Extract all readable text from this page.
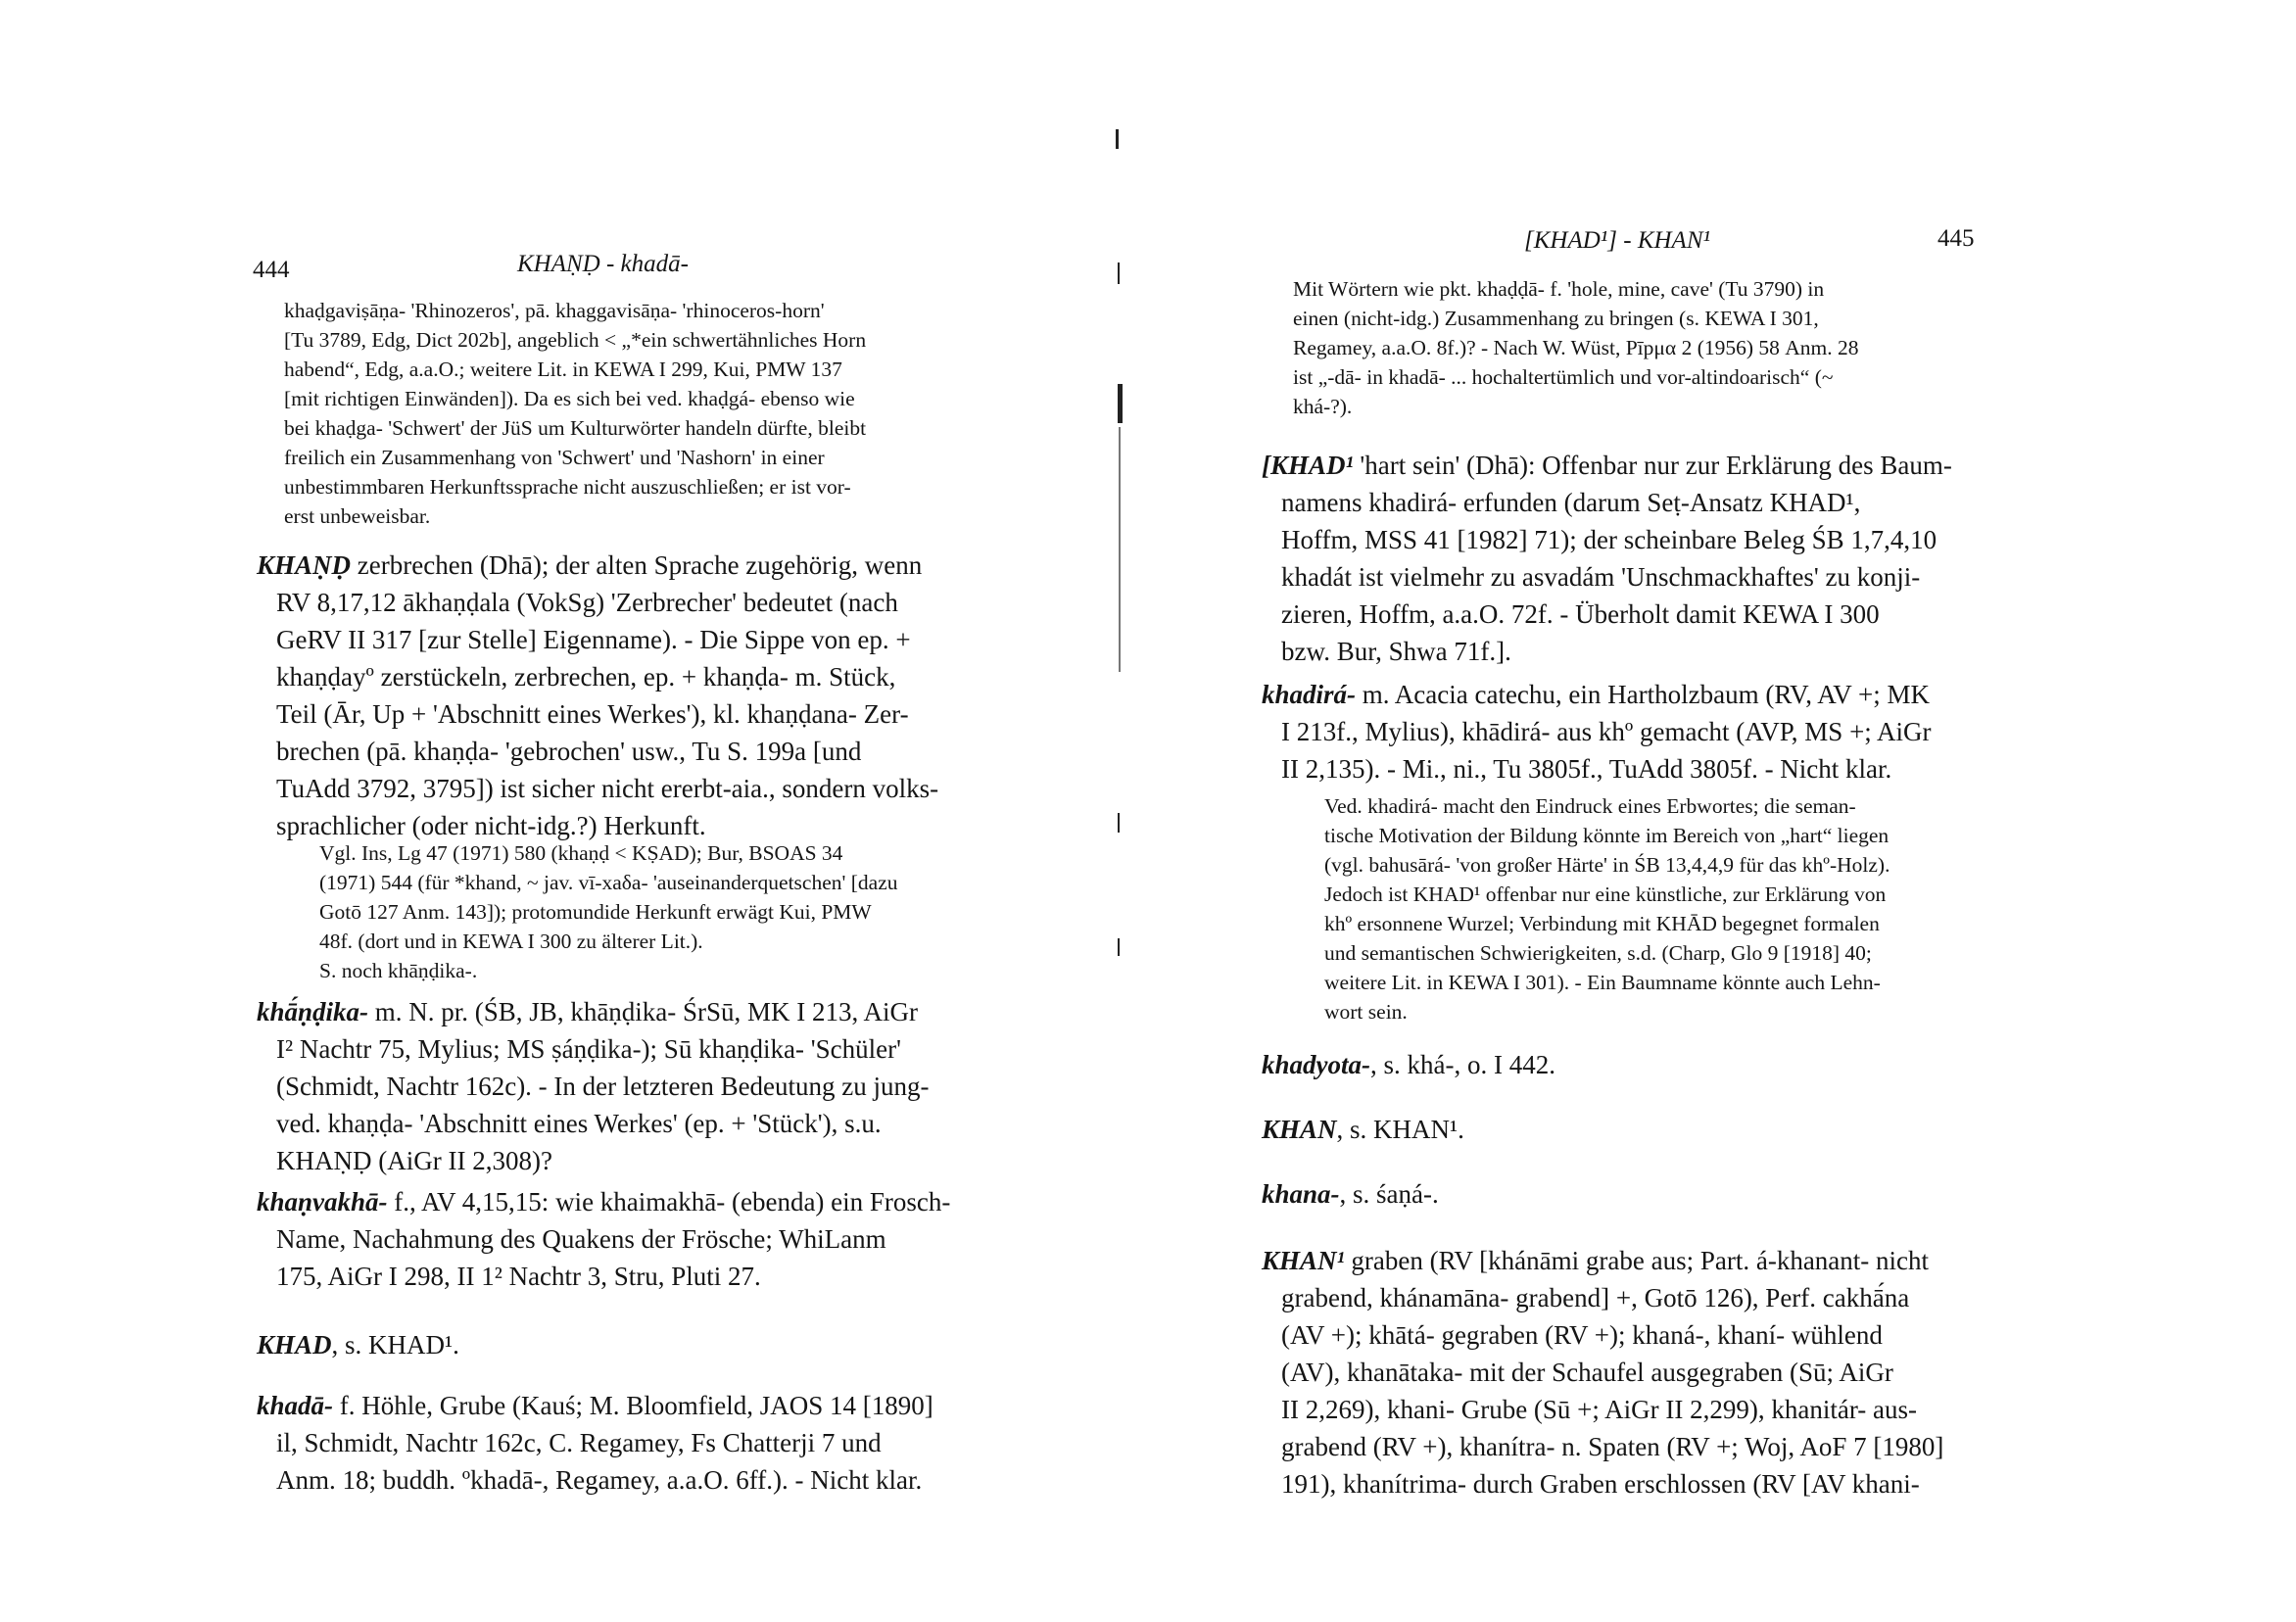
444	KHAṆḌ - khadā-
khaḍgaviṣāṇa- 'Rhinozeros', pā. khaggavisāṇa- 'rhinoceros-horn'
[Tu 3789, Edg, Dict 202b], angeblich < „*ein schwertähnliches Horn
habend“, Edg, a.a.O.; weitere Lit. in KEWA I 299, Kui, PMW 137
[mit richtigen Einwänden]). Da es sich bei ved. khaḍgá- ebenso wie
bei khaḍga- 'Schwert' der JüS um Kulturwörter handeln dürfte, bleibt
freilich ein Zusammenhang von 'Schwert' und 'Nashorn' in einer
unbestimmbaren Herkunftssprache nicht auszuschließen; er ist vor-
erst unbeweisbar.
KHAṆḌ zerbrechen (Dhā); der alten Sprache zugehörig, wenn
RV 8,17,12 ākhaṇḍala (VokSg) 'Zerbrecher' bedeutet (nach
GeRV II 317 [zur Stelle] Eigenname). - Die Sippe von ep. +
khaṇḍayº zerstückeln, zerbrechen, ep. + khaṇḍa- m. Stück,
Teil (Ār, Up + 'Abschnitt eines Werkes'), kl. khaṇḍana- Zer-
brechen (pā. khaṇḍa- 'gebrochen' usw., Tu S. 199a [und
TuAdd 3792, 3795]) ist sicher nicht ererbt-aia., sondern volks-
sprachlicher (oder nicht-idg.?) Herkunft.
Vgl. Ins, Lg 47 (1971) 580 (khaṇḍ < KṢAD); Bur, BSOAS 34
(1971) 544 (für *khand, ~ jav. vī-xaδa- 'auseinanderquetschen' [dazu
Gotō 127 Anm. 143]); protomundide Herkunft erwägt Kui, PMW
48f. (dort und in KEWA I 300 zu älterer Lit.).
S. noch khāṇḍika-.
khā́ṇḍika- m. N. pr. (ŚB, JB, khāṇḍika- ŚrSū, MK I 213, AiGr
I² Nachtr 75, Mylius; MS ṣáṇḍika-); Sū khaṇḍika- 'Schüler'
(Schmidt, Nachtr 162c). - In der letzteren Bedeutung zu jung-
ved. khaṇḍa- 'Abschnitt eines Werkes' (ep. + 'Stück'), s.u.
KHAṆḌ (AiGr II 2,308)?
khaṇvakhā- f., AV 4,15,15: wie khaimakhā- (ebenda) ein Frosch-
Name, Nachahmung des Quakens der Frösche; WhiLanm
175, AiGr I 298, II 1² Nachtr 3, Stru, Pluti 27.
KHAD, s. KHAD¹.
khadā- f. Höhle, Grube (Kauś; M. Bloomfield, JAOS 14 [1890]
il, Schmidt, Nachtr 162c, C. Regamey, Fs Chatterji 7 und
Anm. 18; buddh. ºkhadā-, Regamey, a.a.O. 6ff.). - Nicht klar.
[KHAD¹] - KHAN¹	445
Mit Wörtern wie pkt. khaḍḍā- f. 'hole, mine, cave' (Tu 3790) in
einen (nicht-idg.) Zusammenhang zu bringen (s. KEWA I 301,
Regamey, a.a.O. 8f.)? - Nach W. Wüst, Pīpμα 2 (1956) 58 Anm. 28
ist „-dā- in khadā- ... hochaltertümlich und vor-altindoarisch“ (~
khá-?).
[KHAD¹ 'hart sein' (Dhā): Offenbar nur zur Erklärung des Baum-
namens khadirá- erfunden (darum Seṭ-Ansatz KHAD¹,
Hoffm, MSS 41 [1982] 71); der scheinbare Beleg ŚB 1,7,4,10
khadát ist vielmehr zu asvadám 'Unschmackhaftes' zu konji-
zieren, Hoffm, a.a.O. 72f. - Überholt damit KEWA I 300
bzw. Bur, Shwa 71f.].
khadirá- m. Acacia catechu, ein Hartholzbaum (RV, AV +; MK
I 213f., Mylius), khādirá- aus khº gemacht (AVP, MS +; AiGr
II 2,135). - Mi., ni., Tu 3805f., TuAdd 3805f. - Nicht klar.
Ved. khadirá- macht den Eindruck eines Erbwortes; die seman-
tische Motivation der Bildung könnte im Bereich von „hart“ liegen
(vgl. bahusārá- 'von großer Härte' in ŚB 13,4,4,9 für das khº-Holz).
Jedoch ist KHAD¹ offenbar nur eine künstliche, zur Erklärung von
khº ersonnene Wurzel; Verbindung mit KHĀD begegnet formalen
und semantischen Schwierigkeiten, s.d. (Charp, Glo 9 [1918] 40;
weitere Lit. in KEWA I 301). - Ein Baumname könnte auch Lehn-
wort sein.
khadyota-, s. khá-, o. I 442.
KHAN, s. KHAN¹.
khana-, s. śaṇá-.
KHAN¹ graben (RV [khánāmi grabe aus; Part. á-khanant- nicht
grabend, khánamāna- grabend] +, Gotō 126), Perf. cakhā́na
(AV +); khātá- gegraben (RV +); khaná-, khaní- wühlend
(AV), khanātaka- mit der Schaufel ausgegraben (Sū; AiGr
II 2,269), khani- Grube (Sū +; AiGr II 2,299), khanitár- aus-
grabend (RV +), khanítra- n. Spaten (RV +; Woj, AoF 7 [1980]
191), khanítrima- durch Graben erschlossen (RV [AV khani-
